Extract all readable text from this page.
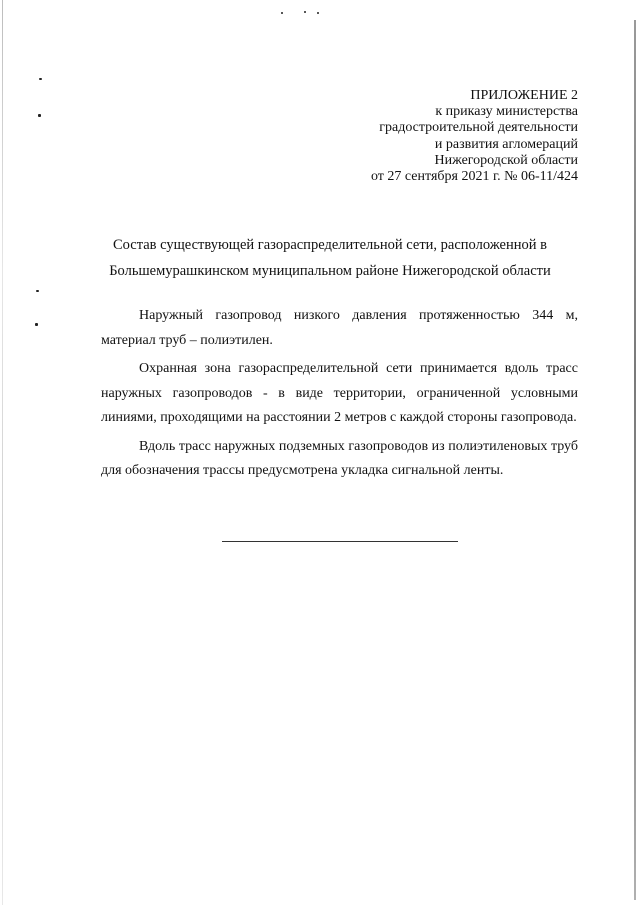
ПРИЛОЖЕНИЕ 2
к приказу министерства
градостроительной деятельности
и развития агломераций
Нижегородской области
от 27 сентября 2021 г. № 06-11/424
Состав существующей газораспределительной сети, расположенной в
Большемурашкинском муниципальном районе Нижегородской области

Наружный газопровод низкого давления протяженностью 344 м, материал труб – полиэтилен.

Охранная зона газораспределительной сети принимается вдоль трасс наружных газопроводов - в виде территории, ограниченной условными линиями, проходящими на расстоянии 2 метров с каждой стороны газопровода.

Вдоль трасс наружных подземных газопроводов из полиэтиленовых труб для обозначения трассы предусмотрена укладка сигнальной ленты.
